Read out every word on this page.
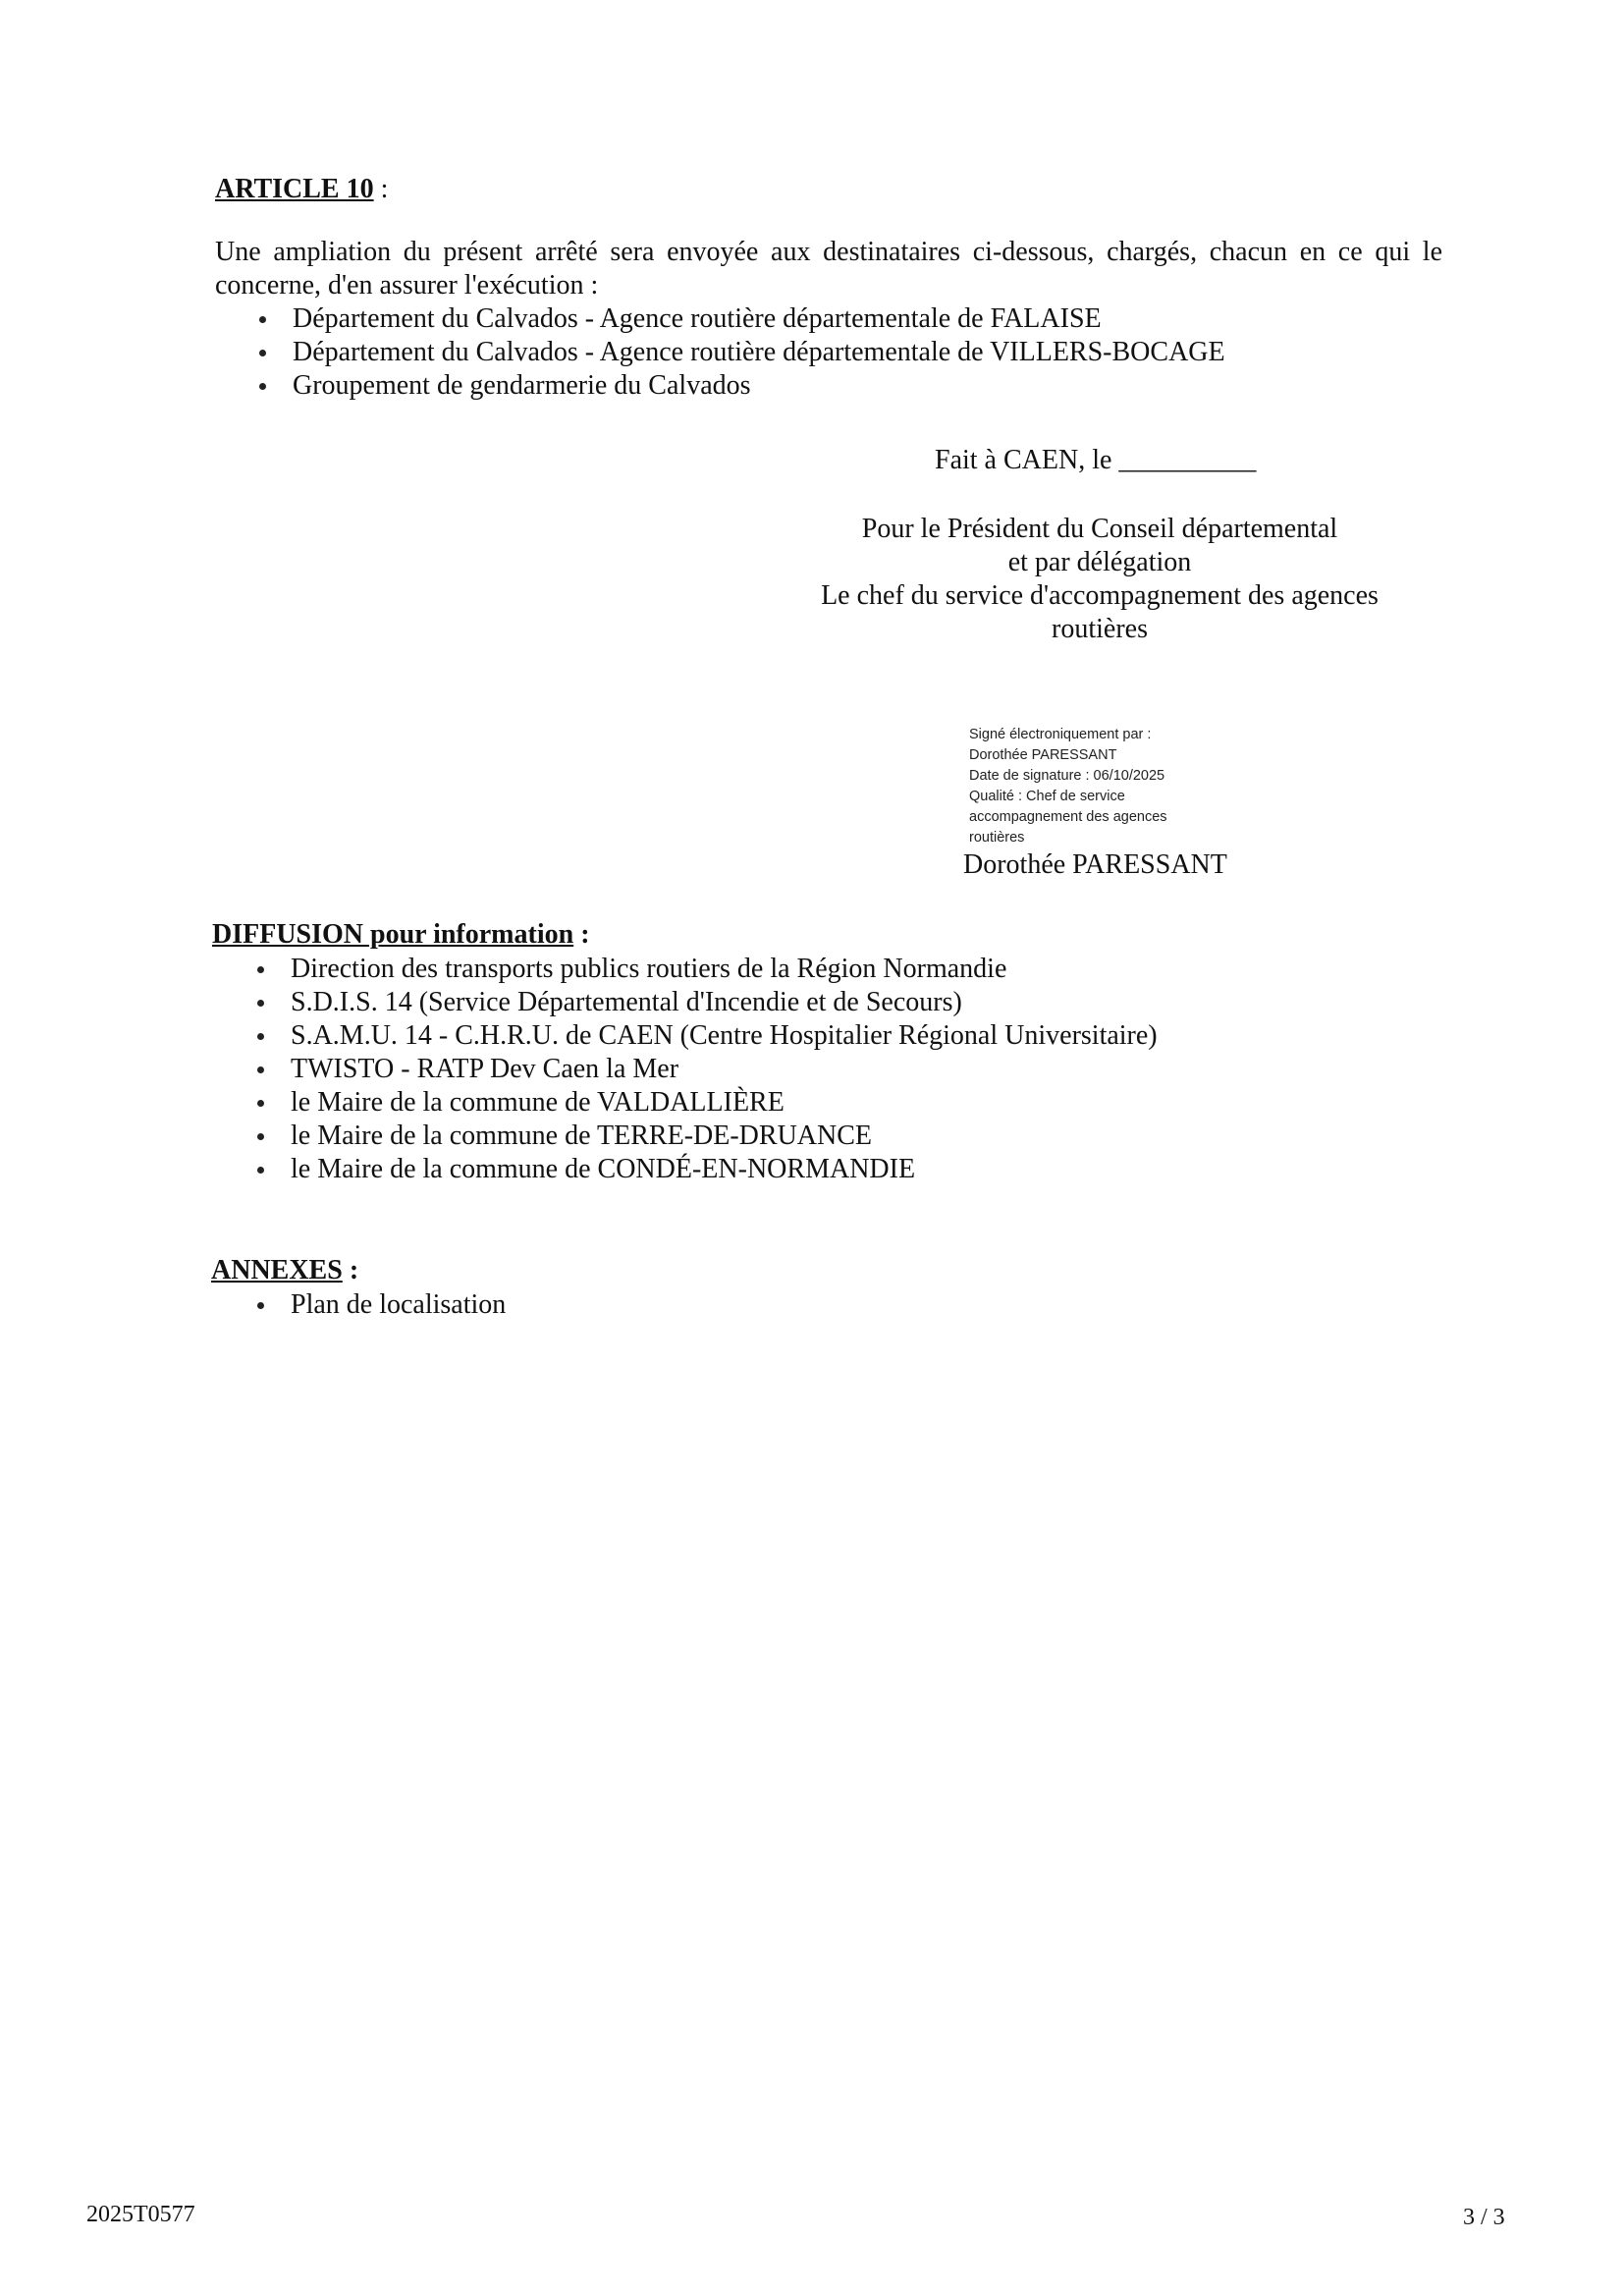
ARTICLE 10 :
Une ampliation du présent arrêté sera envoyée aux destinataires ci-dessous, chargés, chacun en ce qui le concerne, d'en assurer l'exécution :
Département du Calvados - Agence routière départementale de FALAISE
Département du Calvados - Agence routière départementale de VILLERS-BOCAGE
Groupement de gendarmerie du Calvados
Fait à CAEN, le __________
Pour le Président du Conseil départemental
et par délégation
Le chef du service d'accompagnement des agences
routières
Signé électroniquement par :
Dorothée PARESSANT
Date de signature : 06/10/2025
Qualité : Chef de service
accompagnement des agences
routières
Dorothée PARESSANT
DIFFUSION pour information :
Direction des transports publics routiers de la Région Normandie
S.D.I.S. 14 (Service Départemental d'Incendie et de Secours)
S.A.M.U. 14 - C.H.R.U. de CAEN (Centre Hospitalier Régional Universitaire)
TWISTO - RATP Dev Caen la Mer
le Maire de la commune de VALDALLIÈRE
le Maire de la commune de TERRE-DE-DRUANCE
le Maire de la commune de CONDÉ-EN-NORMANDIE
ANNEXES :
Plan de localisation
2025T0577	3 / 3
